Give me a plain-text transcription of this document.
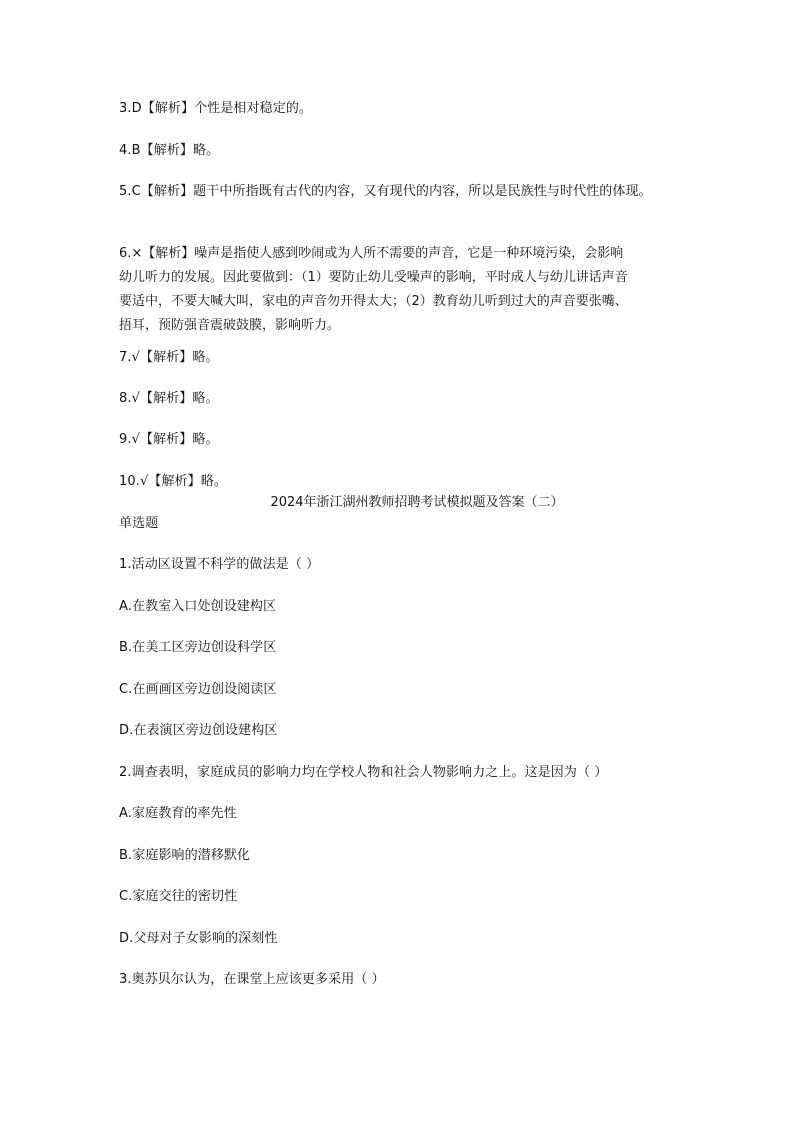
3.D【解析】个性是相对稳定的。
4.B【解析】略。
5.C【解析】题干中所指既有古代的内容，又有现代的内容，所以是民族性与时代性的体现。
6.×【解析】噪声是指使人感到吵闹或为人所不需要的声音，它是一种环境污染，会影响
幼儿听力的发展。因此要做到：（1）要防止幼儿受噪声的影响，平时成人与幼儿讲话声音
要适中，不要大喊大叫，家电的声音勿开得太大；（2）教育幼儿听到过大的声音要张嘴、
捂耳，预防强音震破鼓膜，影响听力。
7.√【解析】略。
8.√【解析】略。
9.√【解析】略。
10.√【解析】略。
2024年浙江湖州教师招聘考试模拟题及答案（二）
单选题
1.活动区设置不科学的做法是（ ）
A.在教室入口处创设建构区
B.在美工区旁边创设科学区
C.在画画区旁边创设阅读区
D.在表演区旁边创设建构区
2.调查表明，家庭成员的影响力均在学校人物和社会人物影响力之上。这是因为（ ）
A.家庭教育的率先性
B.家庭影响的潜移默化
C.家庭交往的密切性
D.父母对子女影响的深刻性
3.奥苏贝尔认为，在课堂上应该更多采用（ ）
